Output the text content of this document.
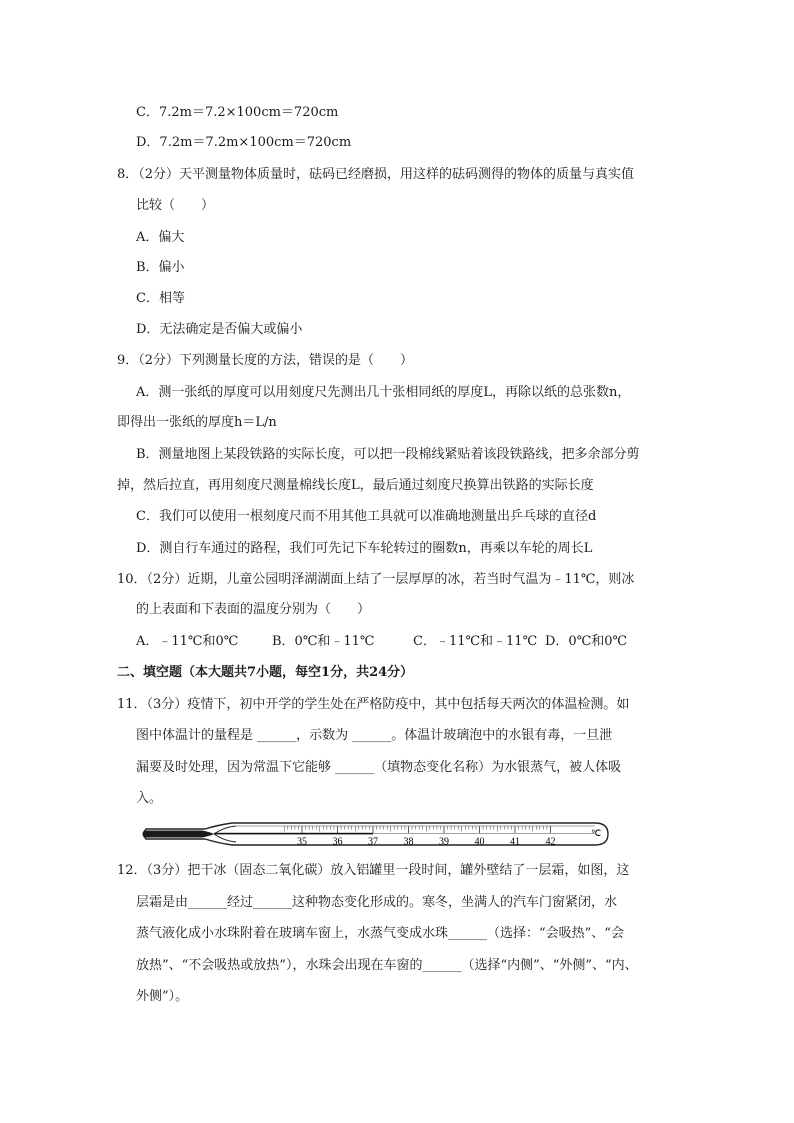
C．7.2m＝7.2×100cm＝720cm
D．7.2m＝7.2m×100cm＝720cm
8．（2分）天平测量物体质量时，砝码已经磨损，用这样的砝码测得的物体的质量与真实值
比较（　　）
A．偏大
B．偏小
C．相等
D．无法确定是否偏大或偏小
9．（2分）下列测量长度的方法，错误的是（　　）
A．测一张纸的厚度可以用刻度尺先测出几十张相同纸的厚度L，再除以纸的总张数n，
即得出一张纸的厚度h＝L/n
B．测量地图上某段铁路的实际长度，可以把一段棉线紧贴着该段铁路线，把多余部分剪
掉，然后拉直，再用刻度尺测量棉线长度L，最后通过刻度尺换算出铁路的实际长度
C．我们可以使用一根刻度尺而不用其他工具就可以准确地测量出乒乓球的直径d
D．测自行车通过的路程，我们可先记下车轮转过的圈数n，再乘以车轮的周长L
10．（2分）近期，儿童公园明泽湖湖面上结了一层厚厚的冰，若当时气温为﹣11℃，则冰
的上表面和下表面的温度分别为（　　）
A．﹣11℃和0℃	B．0℃和﹣11℃	C．﹣11℃和﹣11℃ D．0℃和0℃
二、填空题（本大题共7小题，每空1分，共24分）
11．（3分）疫情下，初中开学的学生处在严格防疫中，其中包括每天两次的体温检测。如
图中体温计的量程是 ______，示数为 ______。体温计玻璃泡中的水银有毒，一旦泄
漏要及时处理，因为常温下它能够 ______（填物态变化名称）为水银蒸气，被人体吸
入。
35	36	37	38	39	40	41	42
℃
12．（3分）把干冰（固态二氧化碳）放入铝罐里一段时间，罐外壁结了一层霜，如图，这
层霜是由______经过______这种物态变化形成的。寒冬，坐满人的汽车门窗紧闭，水
蒸气液化成小水珠附着在玻璃车窗上，水蒸气变成水珠______（选择：“会吸热”、“会
放热”、“不会吸热或放热”），水珠会出现在车窗的______（选择“内侧”、“外侧”、“内、
外侧”）。
